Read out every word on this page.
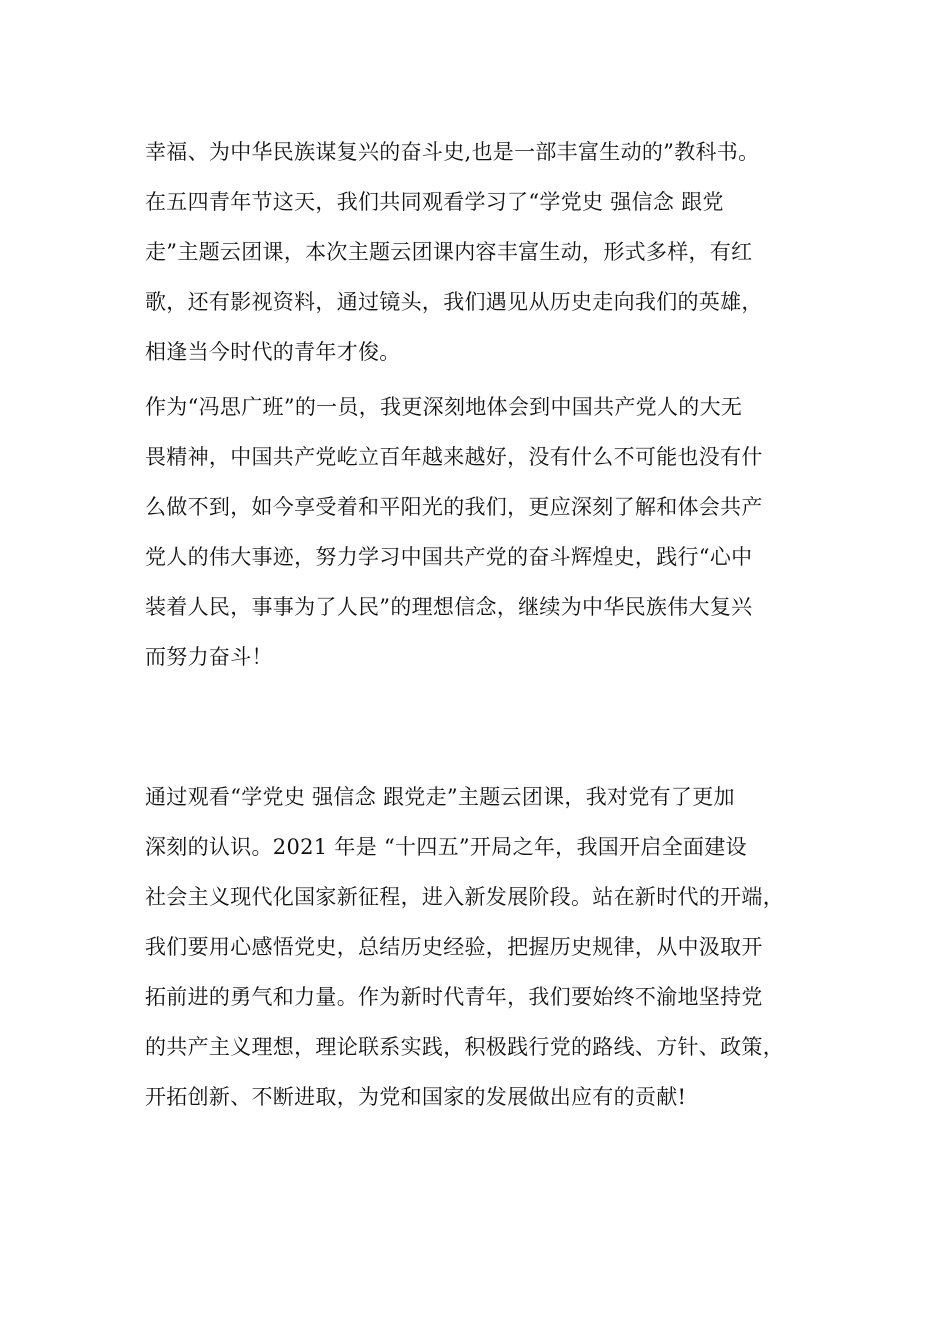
幸福、为中华民族谋复兴的奋斗史,也是一部丰富生动的”教科书。
在五四青年节这天，我们共同观看学习了“学党史 强信念 跟党
走”主题云团课，本次主题云团课内容丰富生动，形式多样，有红
歌，还有影视资料，通过镜头，我们遇见从历史走向我们的英雄，
相逢当今时代的青年才俊。
作为“冯思广班”的一员，我更深刻地体会到中国共产党人的大无
畏精神，中国共产党屹立百年越来越好，没有什么不可能也没有什
么做不到，如今享受着和平阳光的我们，更应深刻了解和体会共产
党人的伟大事迹，努力学习中国共产党的奋斗辉煌史，践行“心中
装着人民，事事为了人民”的理想信念，继续为中华民族伟大复兴
而努力奋斗！
通过观看“学党史 强信念 跟党走”主题云团课，我对党有了更加
深刻的认识。2021 年是 “十四五”开局之年，我国开启全面建设
社会主义现代化国家新征程，进入新发展阶段。站在新时代的开端，
我们要用心感悟党史，总结历史经验，把握历史规律，从中汲取开
拓前进的勇气和力量。作为新时代青年，我们要始终不渝地坚持党
的共产主义理想，理论联系实践，积极践行党的路线、方针、政策，
开拓创新、不断进取，为党和国家的发展做出应有的贡献!
